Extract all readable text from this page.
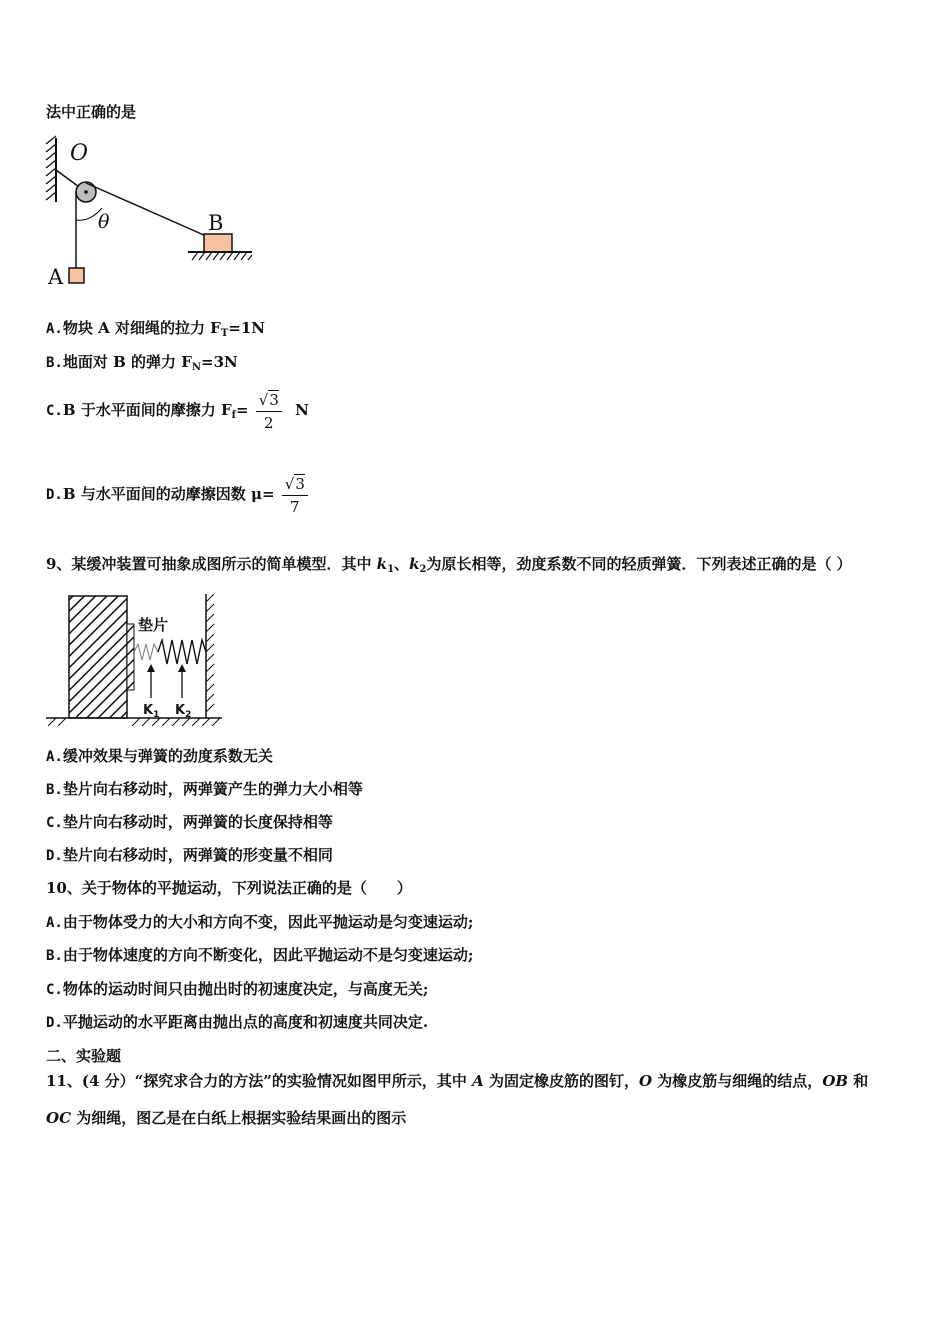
法中正确的是
O
θ	B
A
A.物块 A 对细绳的拉力 $F_T=1N$
B.地面对 B 的弹力 $F_N=3N$
C.B 于水平面间的摩擦力 $F_f= \frac{√3}{2}$ N
D.B 与水平面间的动摩擦因数 $\mu= \frac{√3}{7}$
9、某缓冲装置可抽象成图所示的简单模型．其中 $k_1$、$k_2$为原长相等，劲度系数不同的轻质弹簧．下列表述正确的是（ ）
垫片
$K_1$ $K_2$
A.缓冲效果与弹簧的劲度系数无关
B.垫片向右移动时，两弹簧产生的弹力大小相等
C.垫片向右移动时，两弹簧的长度保持相等
D.垫片向右移动时，两弹簧的形变量不相同
10、关于物体的平抛运动，下列说法正确的是（　　）
A.由于物体受力的大小和方向不变，因此平抛运动是匀变速运动;
B.由于物体速度的方向不断变化，因此平抛运动不是匀变速运动;
C.物体的运动时间只由抛出时的初速度决定，与高度无关;
D.平抛运动的水平距离由抛出点的高度和初速度共同决定.
二、实验题
11、(4 分）“探究求合力的方法”的实验情况如图甲所示，其中 A 为固定橡皮筋的图钉，O 为橡皮筋与细绳的结点，OB 和
OC 为细绳，图乙是在白纸上根据实验结果画出的图示
